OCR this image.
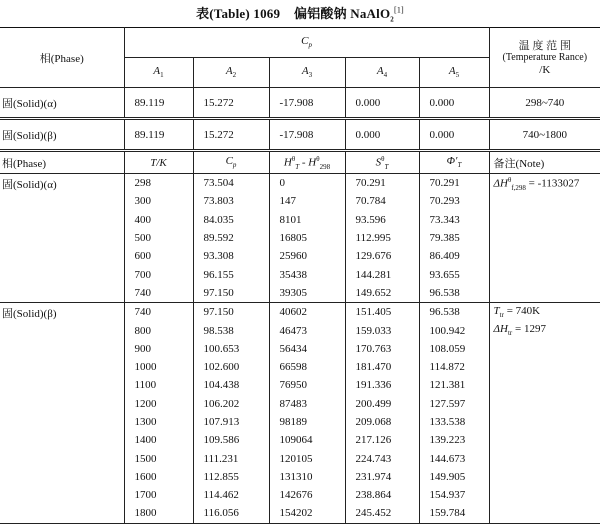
表(Table) 1069 偏铝酸钠 NaAlO$_2$[1]
相(Phase)	$C_p$					温 度 范 围
(Temperature Rance)
/K

	$A_1$	$A_2$	$A_3$	$A_4$	$A_5$
固(Solid)(α)	89.119	15.272	-17.908	0.000	0.000	298~740
固(Solid)(β)	89.119	15.272	-17.908	0.000	0.000	740~1800
相(Phase)	T/K	$C_p$	$H^\theta_T - H^\theta_{298}$	$S^\theta_T$	$\Phi'_T$	备注(Note)
固(Solid)(α)	298	73.504	0	70.291	70.291	$\Delta H^\theta_{f,298} = -1133027$

	300	73.803	147	70.784	70.293	
	400	84.035	8101	93.596	73.343	
	500	89.592	16805	112.995	79.385	
	600	93.308	25960	129.676	86.409	
	700	96.155	35438	144.281	93.655	
	740	97.150	39305	149.652	96.538	
固(Solid)(β)	740	97.150	40602	151.405	96.538	$T_{tr} = 740K$
$\Delta H_{tr} = 1297$

	800	98.538	46473	159.033	100.942	
	900	100.653	56434	170.763	108.059	
	1000	102.600	66598	181.470	114.872	
	1100	104.438	76950	191.336	121.381	
	1200	106.202	87483	200.499	127.597	
	1300	107.913	98189	209.068	133.538	
	1400	109.586	109064	217.126	139.223	
	1500	111.231	120105	224.743	144.673	
	1600	112.855	131310	231.974	149.905	
	1700	114.462	142676	238.864	154.937	
	1800	116.056	154202	245.452	159.784	
